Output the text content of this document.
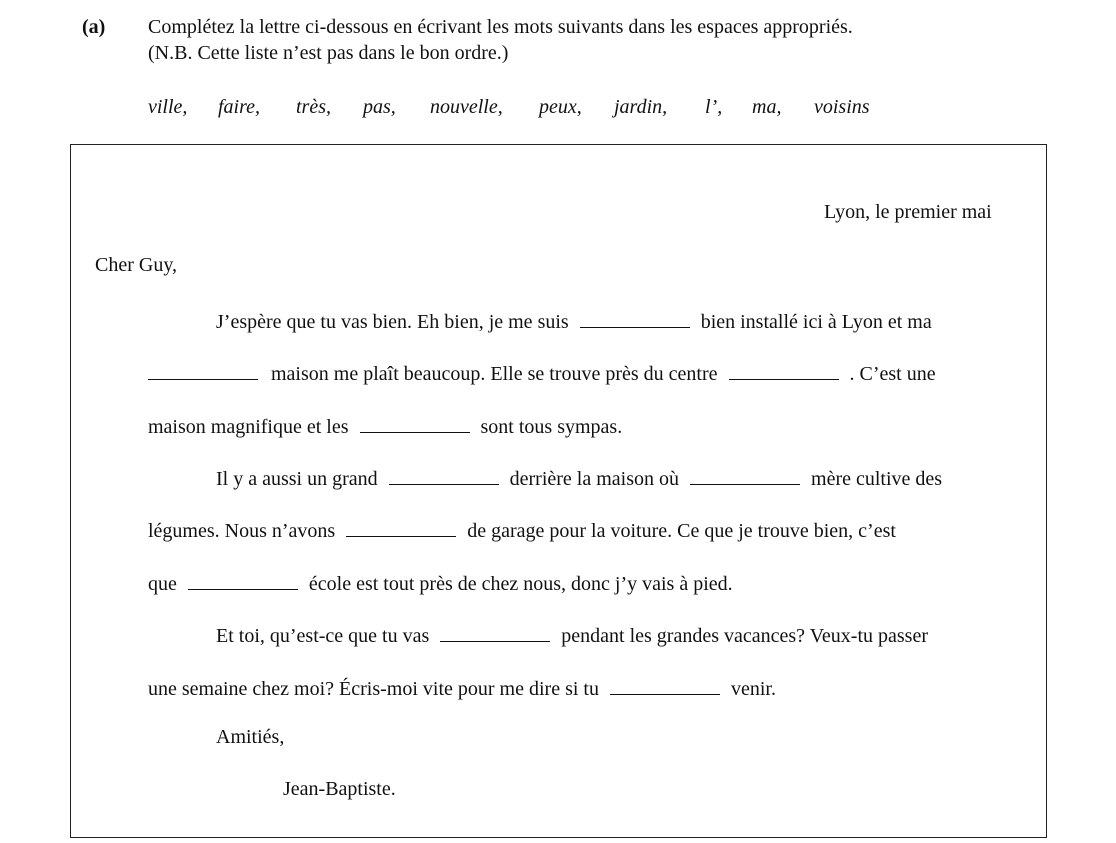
(a) Complétez la lettre ci-dessous en écrivant les mots suivants dans les espaces appropriés.
(N.B. Cette liste n’est pas dans le bon ordre.)
ville, faire, très, pas, nouvelle, peux, jardin, l’, ma, voisins
Lyon, le premier mai
Cher Guy,
J’espère que tu vas bien. Eh bien, je me suis	bien installé ici à Lyon et ma
maison me plaît beaucoup. Elle se trouve près du centre	. C’est une
maison magnifique et les	sont tous sympas.
Il y a aussi un grand	derrière la maison où	mère cultive des
légumes. Nous n’avons	de garage pour la voiture. Ce que je trouve bien, c’est
que	école est tout près de chez nous, donc j’y vais à pied.
Et toi, qu’est-ce que tu vas	pendant les grandes vacances? Veux-tu passer
une semaine chez moi? Écris-moi vite pour me dire si tu	venir.
Amitiés,
Jean-Baptiste.
